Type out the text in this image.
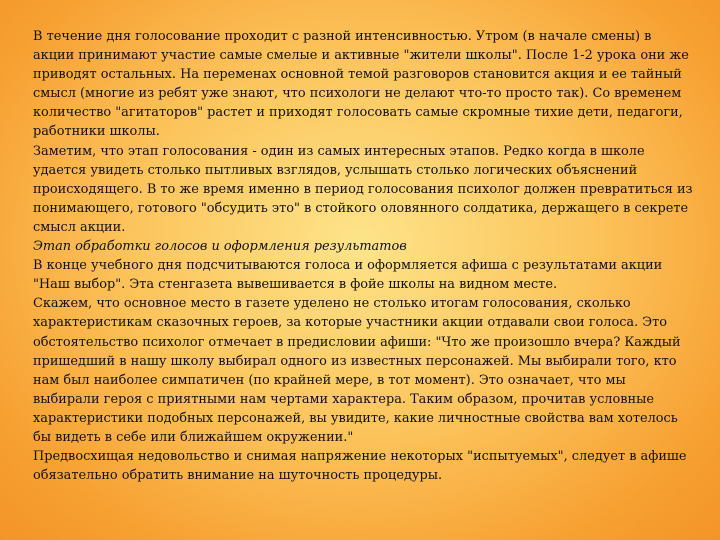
В течение дня голосование проходит с разной интенсивностью. Утром (в начале смены) в акции принимают участие самые смелые и активные "жители школы". После 1-2 урока они же приводят остальных. На переменах основной темой разговоров становится акция и ее тайный смысл (многие из ребят уже знают, что психологи не делают что-то просто так). Со временем количество "агитаторов" растет и приходят голосовать самые скромные тихие дети, педагоги, работники школы.

Заметим, что этап голосования - один из самых интересных этапов. Редко когда в школе удается увидеть столько пытливых взглядов, услышать столько логических объяснений происходящего. В то же время именно в период голосования психолог должен превратиться из понимающего, готового "обсудить это" в стойкого оловянного солдатика, держащего в секрете смысл акции.

Этап обработки голосов и оформления результатов

В конце учебного дня подсчитываются голоса и оформляется афиша с результатами акции "Наш выбор". Эта стенгазета вывешивается в фойе школы на видном месте.

Скажем, что основное место в газете уделено не столько итогам голосования, сколько характеристикам сказочных героев, за которые участники акции отдавали свои голоса. Это обстоятельство психолог отмечает в предисловии афиши: "Что же произошло вчера? Каждый пришедший в нашу школу выбирал одного из известных персонажей. Мы выбирали того, кто нам был наиболее симпатичен (по крайней мере, в тот момент). Это означает, что мы выбирали героя с приятными нам чертами характера. Таким образом, прочитав условные характеристики подобных персонажей, вы увидите, какие личностные свойства вам хотелось бы видеть в себе или ближайшем окружении."

Предвосхищая недовольство и снимая напряжение некоторых "испытуемых", следует в афише обязательно обратить внимание на шуточность процедуры.
